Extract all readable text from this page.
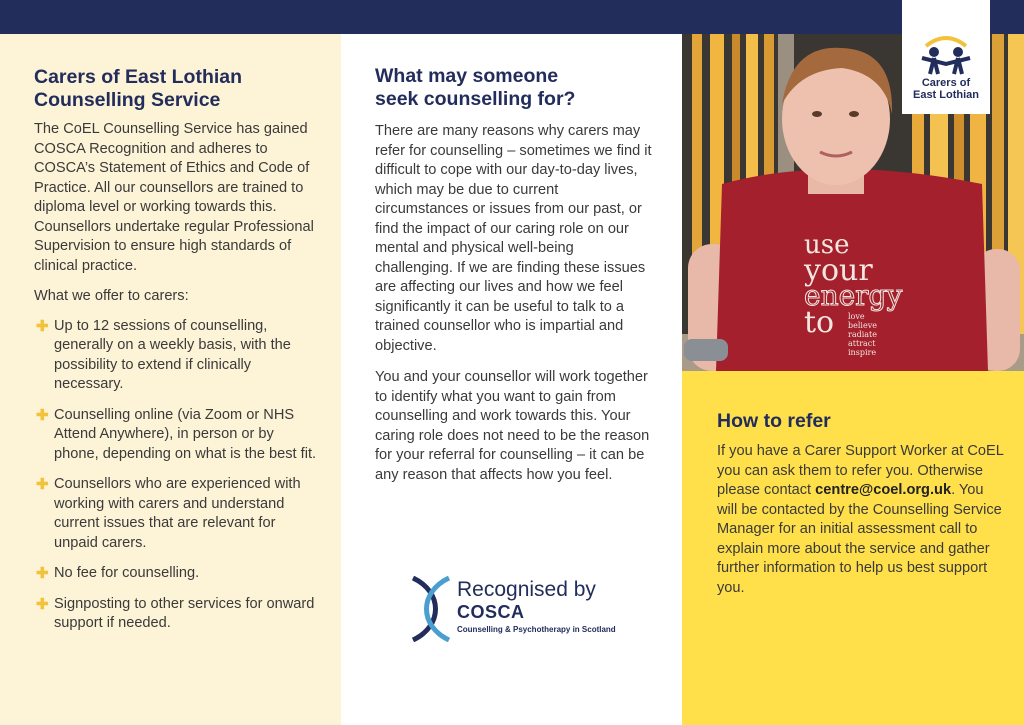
Carers of East Lothian
Counselling Service

The CoEL Counselling Service has gained COSCA Recognition and adheres to COSCA’s Statement of Ethics and Code of Practice. All our counsellors are trained to diploma level or working towards this. Counsellors undertake regular Professional Supervision to ensure high standards of clinical practice.

What we offer to carers:

✚ Up to 12 sessions of counselling, generally on a weekly basis, with the possibility to extend if clinically necessary.
✚ Counselling online (via Zoom or NHS Attend Anywhere), in person or by phone, depending on what is the best fit.
✚ Counsellors who are experienced with working with carers and understand current issues that are relevant for unpaid carers.
✚ No fee for counselling.
✚ Signposting to other services for onward support if needed.
What may someone
seek counselling for?

There are many reasons why carers may refer for counselling – sometimes we find it difficult to cope with our day-to-day lives, which may be due to current circumstances or issues from our past, or find the impact of our caring role on our mental and physical well-being challenging. If we are finding these issues are affecting our lives and how we feel significantly it can be useful to talk to a trained counsellor who is impartial and objective.

You and your counsellor will work together to identify what you want to gain from counselling and work towards this. Your caring role does not need to be the reason for your referral for counselling – it can be any reason that affects how you feel.

Recognised by
COSCA
Counselling & Psychotherapy in Scotland
use
your
energy
to love
believe
radiate
attract
inspire
Carers of
East Lothian
How to refer

If you have a Carer Support Worker at CoEL you can ask them to refer you. Otherwise please contact centre@coel.org.uk. You will be contacted by the Counselling Service Manager for an initial assessment call to explain more about the service and gather further information to help us best support you.
